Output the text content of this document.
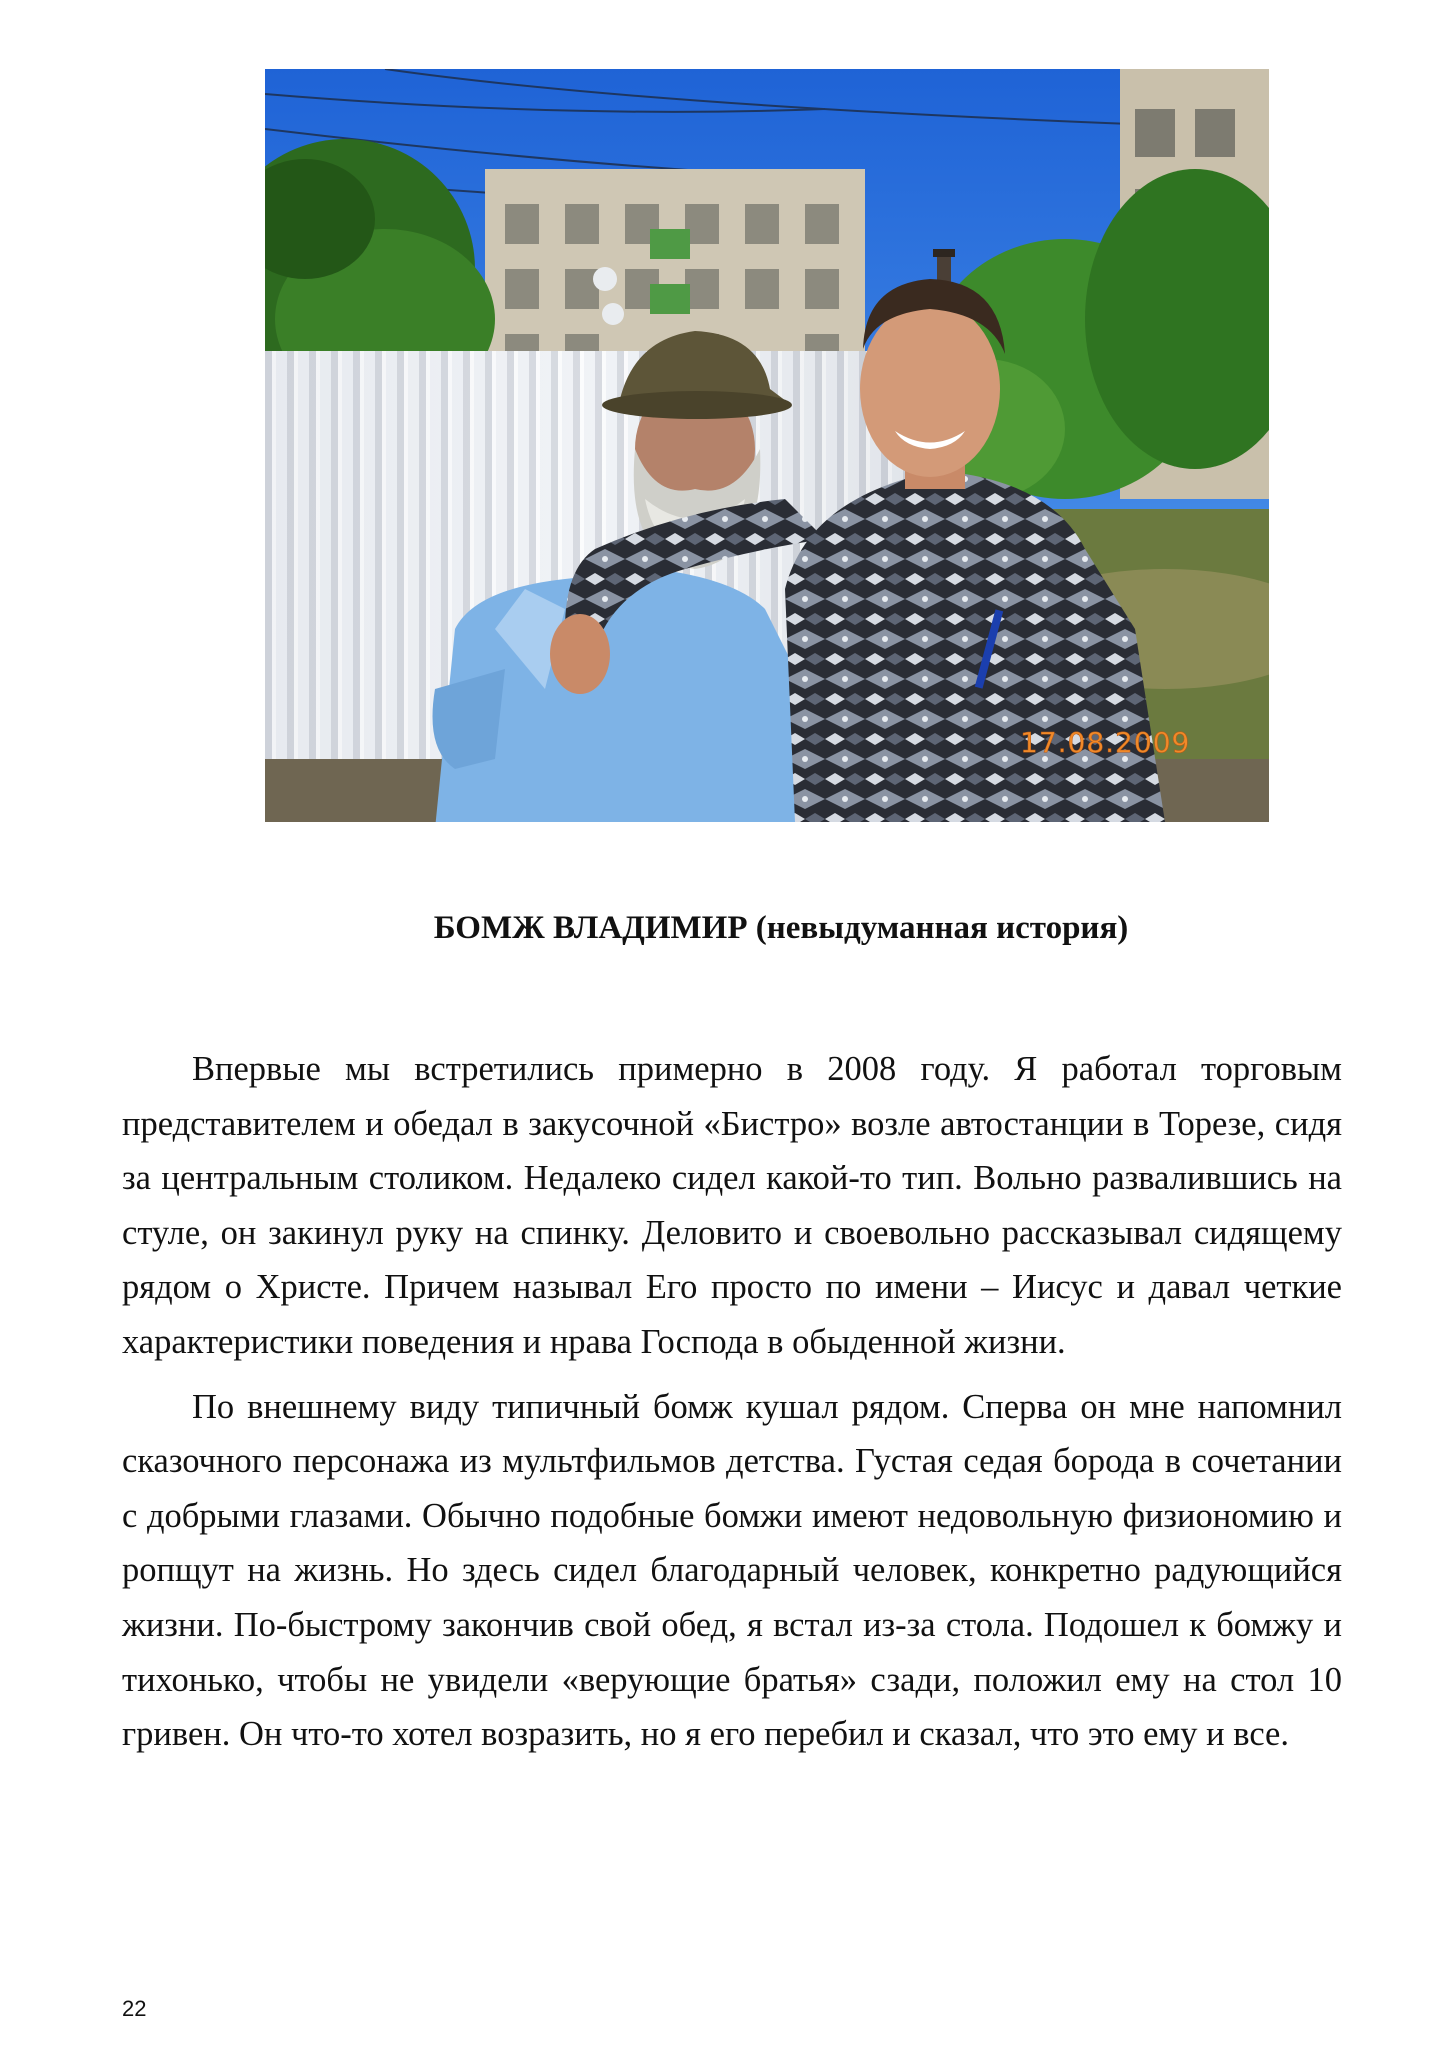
17.08.2009
БОМЖ ВЛАДИМИР (невыдуманная история)

Впервые мы встретились примерно в 2008 году. Я работал торговым представителем и обедал в закусочной «Бистро» возле автостанции в Торезе, сидя за центральным столиком. Недалеко сидел какой-то тип. Вольно развалившись на стуле, он закинул руку на спинку. Деловито и своевольно рассказывал сидящему рядом о Христе. Причем называл Его просто по имени – Иисус и давал четкие характеристики поведения и нрава Господа в обыденной жизни.

По внешнему виду типичный бомж кушал рядом. Сперва он мне напомнил сказочного персонажа из мультфильмов детства. Густая седая борода в сочетании с добрыми глазами. Обычно подобные бомжи имеют недовольную физиономию и ропщут на жизнь. Но здесь сидел благодарный человек, конкретно радующийся жизни. По-быстрому закончив свой обед, я встал из-за стола. Подошел к бомжу и тихонько, чтобы не увидели «верующие братья» сзади, положил ему на стол 10 гривен. Он что-то хотел возразить, но я его перебил и сказал, что это ему и все.

22
